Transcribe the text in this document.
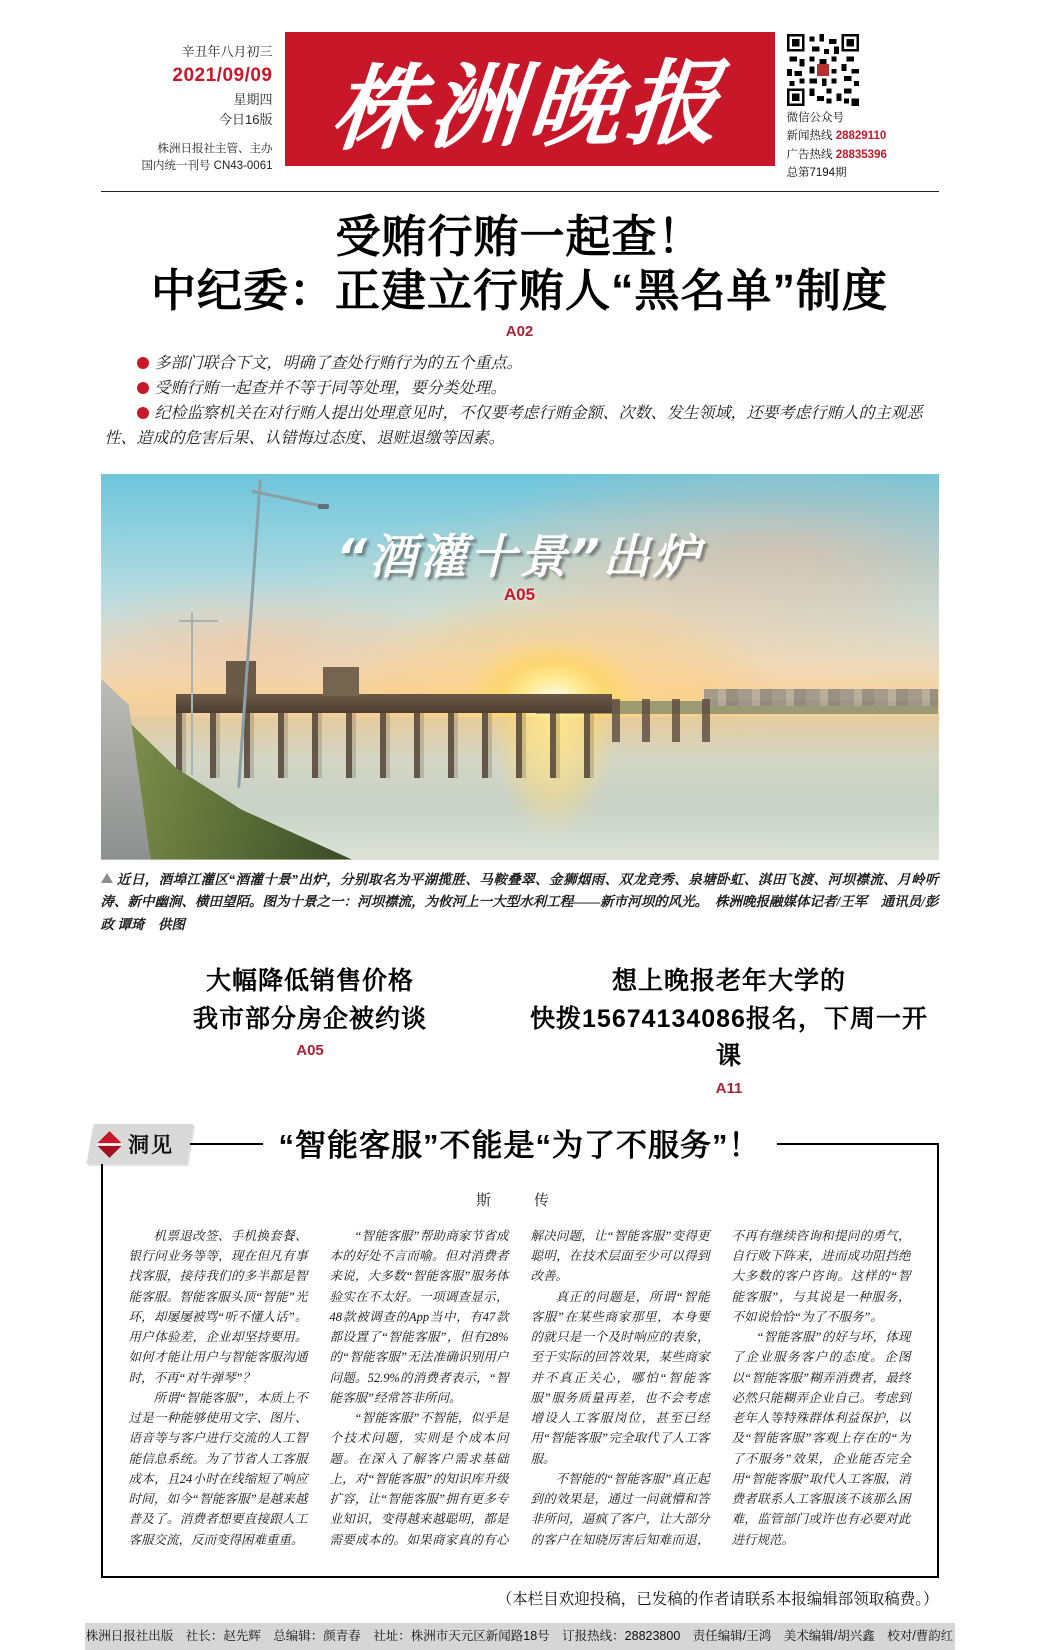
辛丑年八月初三
2021/09/09
星期四
今日16版
株洲日报社主管、主办
国内统一刊号 CN43-0061
株洲晚报	微信公众号
新闻热线 28829110
广告热线 28835396
总第7194期
受贿行贿一起查！
中纪委：正建立行贿人“黑名单”制度
A02
多部门联合下文，明确了查处行贿行为的五个重点。
受贿行贿一起查并不等于同等处理，要分类处理。
纪检监察机关在对行贿人提出处理意见时，不仅要考虑行贿金额、次数、发生领域，还要考虑行贿人的主观恶性、造成的危害后果、认错悔过态度、退赃退缴等因素。
“酒灌十景”出炉
A05

近日，酒埠江灌区“酒灌十景”出炉，分别取名为平湖揽胜、马鞍叠翠、金狮烟雨、双龙竞秀、泉塘卧虹、淇田飞渡、河坝襟流、月岭听涛、新中幽涧、横田望陌。图为十景之一：河坝襟流，为攸河上一大型水利工程——新市河坝的风光。　 株洲晚报融媒体记者/王军　通讯员/彭政 谭琦　供图

大幅降低销售价格
我市部分房企被约谈
A05
想上晚报老年大学的
快拨15674134086报名，下周一开课
A11
洞见	“智能客服”不能是“为了不服务”！
斯　传

机票退改签、手机换套餐、银行问业务等等，现在但凡有事找客服，接待我们的多半都是智能客服。智能客服头顶“智能”光环，却屡屡被骂“听不懂人话”。用户体验差，企业却坚持要用。如何才能让用户与智能客服沟通时，不再“对牛弹琴”？

所谓“智能客服”，本质上不过是一种能够使用文字、图片、语音等与客户进行交流的人工智能信息系统。为了节省人工客服成本，且24小时在线缩短了响应时间，如今“智能客服”是越来越普及了。消费者想要直接跟人工客服交流，反而变得困难重重。

“智能客服”帮助商家节省成本的好处不言而喻。但对消费者来说，大多数“智能客服”服务体验实在不太好。一项调查显示，48款被调查的App当中，有47款都设置了“智能客服”，但有28%的“智能客服”无法准确识别用户问题。52.9%的消费者表示，“智能客服”经常答非所问。

“智能客服”不智能，似乎是个技术问题，实则是个成本问题。在深入了解客户需求基础上，对“智能客服”的知识库升级扩容，让“智能客服”拥有更多专业知识，变得越来越聪明，都是需要成本的。如果商家真的有心解决问题，让“智能客服”变得更聪明，在技术层面至少可以得到改善。

真正的问题是，所谓“智能客服”在某些商家那里，本身要的就只是一个及时响应的表象，至于实际的回答效果，某些商家并不真正关心，哪怕“智能客服”服务质量再差，也不会考虑增设人工客服岗位，甚至已经用“智能客服”完全取代了人工客服。

不智能的“智能客服”真正起到的效果是，通过一问就懵和答非所问，逼疯了客户，让大部分的客户在知晓厉害后知难而退，不再有继续咨询和提问的勇气，自行败下阵来，进而成功阻挡绝大多数的客户咨询。这样的“智能客服”，与其说是一种服务，不如说恰恰“为了不服务”。

“智能客服”的好与坏，体现了企业服务客户的态度。企图以“智能客服”糊弄消费者，最终必然只能糊弄企业自己。考虑到老年人等特殊群体利益保护，以及“智能客服”客观上存在的“为了不服务”效果，企业能否完全用“智能客服”取代人工客服，消费者联系人工客服该不该那么困难，监管部门或许也有必要对此进行规范。

（本栏目欢迎投稿，已发稿的作者请联系本报编辑部领取稿费。）

株洲日报社出版　社长：赵先辉　总编辑：颜青春　社址：株洲市天元区新闻路18号　订报热线：28823800　责任编辑/王鸿　美术编辑/胡兴鑫　校对/曹韵红
